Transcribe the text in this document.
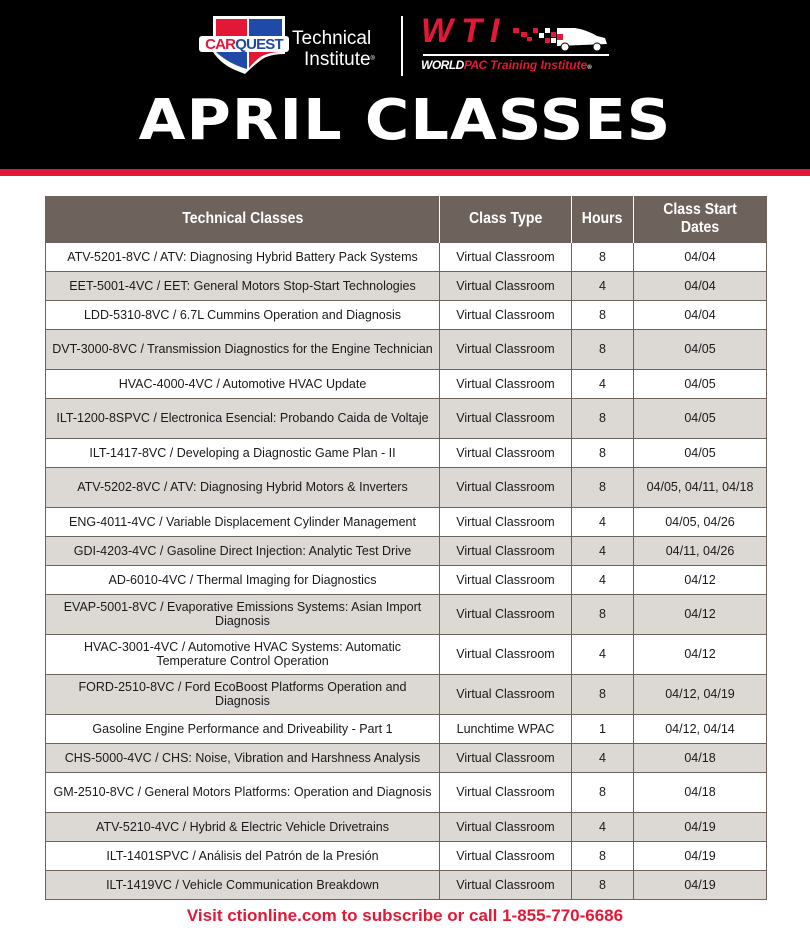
CARQUEST Technical
Institute®
WTI
WORLDPAC Training Institute®
APRIL CLASSES
Technical Classes	Class Type	Hours	Class Start Dates
ATV-5201-8VC / ATV: Diagnosing Hybrid Battery Pack Systems	Virtual Classroom	8	04/04
EET-5001-4VC / EET: General Motors Stop-Start Technologies	Virtual Classroom	4	04/04
LDD-5310-8VC / 6.7L Cummins Operation and Diagnosis	Virtual Classroom	8	04/04
DVT-3000-8VC / Transmission Diagnostics for the Engine Technician	Virtual Classroom	8	04/05
HVAC-4000-4VC / Automotive HVAC Update	Virtual Classroom	4	04/05
ILT-1200-8SPVC / Electronica Esencial: Probando Caida de Voltaje	Virtual Classroom	8	04/05
ILT-1417-8VC / Developing a Diagnostic Game Plan - II	Virtual Classroom	8	04/05
ATV-5202-8VC / ATV: Diagnosing Hybrid Motors & Inverters	Virtual Classroom	8	04/05, 04/11, 04/18
ENG-4011-4VC / Variable Displacement Cylinder Management	Virtual Classroom	4	04/05, 04/26
GDI-4203-4VC / Gasoline Direct Injection: Analytic Test Drive	Virtual Classroom	4	04/11, 04/26
AD-6010-4VC / Thermal Imaging for Diagnostics	Virtual Classroom	4	04/12
EVAP-5001-8VC / Evaporative Emissions Systems: Asian Import Diagnosis	Virtual Classroom	8	04/12
HVAC-3001-4VC / Automotive HVAC Systems: Automatic Temperature Control Operation	Virtual Classroom	4	04/12
FORD-2510-8VC / Ford EcoBoost Platforms Operation and Diagnosis	Virtual Classroom	8	04/12, 04/19
Gasoline Engine Performance and Driveability - Part 1	Lunchtime WPAC	1	04/12, 04/14
CHS-5000-4VC / CHS: Noise, Vibration and Harshness Analysis	Virtual Classroom	4	04/18
GM-2510-8VC / General Motors Platforms: Operation and Diagnosis	Virtual Classroom	8	04/18
ATV-5210-4VC / Hybrid & Electric Vehicle Drivetrains	Virtual Classroom	4	04/19
ILT-1401SPVC / Análisis del Patrón de la Presión	Virtual Classroom	8	04/19
ILT-1419VC / Vehicle Communication Breakdown	Virtual Classroom	8	04/19
Visit ctionline.com to subscribe or call 1-855-770-6686
